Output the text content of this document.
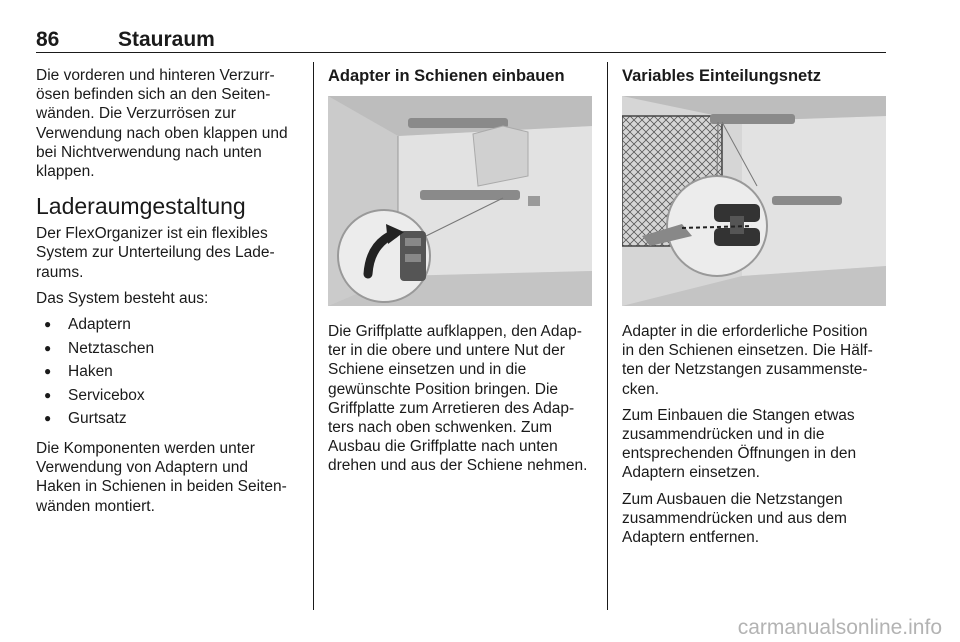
86	Stauraum

Die vorderen und hinteren Verzurr-
ösen befinden sich an den Seiten-
wänden. Die Verzurrösen zur
Verwendung nach oben klappen und
bei Nichtverwendung nach unten
klappen.

Laderaumgestaltung

Der FlexOrganizer ist ein flexibles
System zur Unterteilung des Lade-
raums.

Das System besteht aus:

● Adaptern
● Netztaschen
● Haken
● Servicebox
● Gurtsatz

Die Komponenten werden unter
Verwendung von Adaptern und
Haken in Schienen in beiden Seiten-
wänden montiert.

Adapter in Schienen einbauen

Die Griffplatte aufklappen, den Adap-
ter in die obere und untere Nut der
Schiene einsetzen und in die
gewünschte Position bringen. Die
Griffplatte zum Arretieren des Adap-
ters nach oben schwenken. Zum
Ausbau die Griffplatte nach unten
drehen und aus der Schiene nehmen.

Variables Einteilungsnetz

Adapter in die erforderliche Position
in den Schienen einsetzen. Die Hälf-
ten der Netzstangen zusammenste-
cken.

Zum Einbauen die Stangen etwas
zusammendrücken und in die
entsprechenden Öffnungen in den
Adaptern einsetzen.

Zum Ausbauen die Netzstangen
zusammendrücken und aus dem
Adaptern entfernen.

carmanualsonline.info
